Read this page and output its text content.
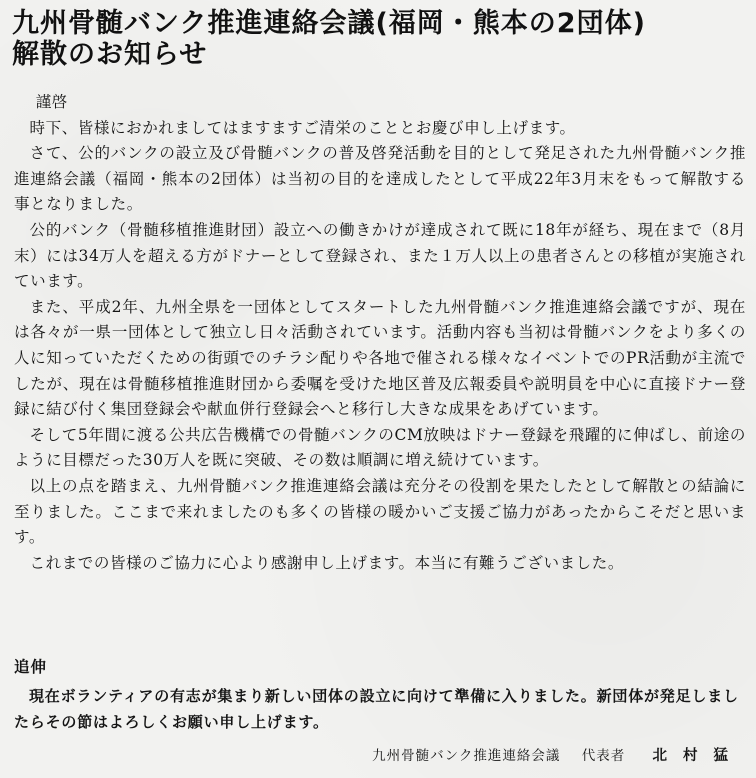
九州骨髄バンク推進連絡会議(福岡・熊本の2団体)
解散のお知らせ

謹啓

時下、皆様におかれましてはますますご清栄のこととお慶び申し上げます。

さて、公的バンクの設立及び骨髄バンクの普及啓発活動を目的として発足された九州骨髄バンク推進連絡会議（福岡・熊本の2団体）は当初の目的を達成したとして平成22年3月末をもって解散する事となりました。

公的バンク（骨髄移植推進財団）設立への働きかけが達成されて既に18年が経ち、現在まで（8月末）には34万人を超える方がドナーとして登録され、また１万人以上の患者さんとの移植が実施されています。

また、平成2年、九州全県を一団体としてスタートした九州骨髄バンク推進連絡会議ですが、現在は各々が一県一団体として独立し日々活動されています。活動内容も当初は骨髄バンクをより多くの人に知っていただくための街頭でのチラシ配りや各地で催される様々なイベントでのPR活動が主流でしたが、現在は骨髄移植推進財団から委嘱を受けた地区普及広報委員や説明員を中心に直接ドナー登録に結び付く集団登録会や献血併行登録会へと移行し大きな成果をあげています。

そして5年間に渡る公共広告機構での骨髄バンクのCM放映はドナー登録を飛躍的に伸ばし、前途のように目標だった30万人を既に突破、その数は順調に増え続けています。

以上の点を踏まえ、九州骨髄バンク推進連絡会議は充分その役割を果たしたとして解散との結論に至りました。ここまで来れましたのも多くの皆様の暖かいご支援ご協力があったからこそだと思います。

これまでの皆様のご協力に心より感謝申し上げます。本当に有難うございました。

追伸

現在ボランティアの有志が集まり新しい団体の設立に向けて準備に入りました。新団体が発足しましたらその節はよろしくお願い申し上げます。

九州骨髄バンク推進連絡会議 代表者 北村猛
